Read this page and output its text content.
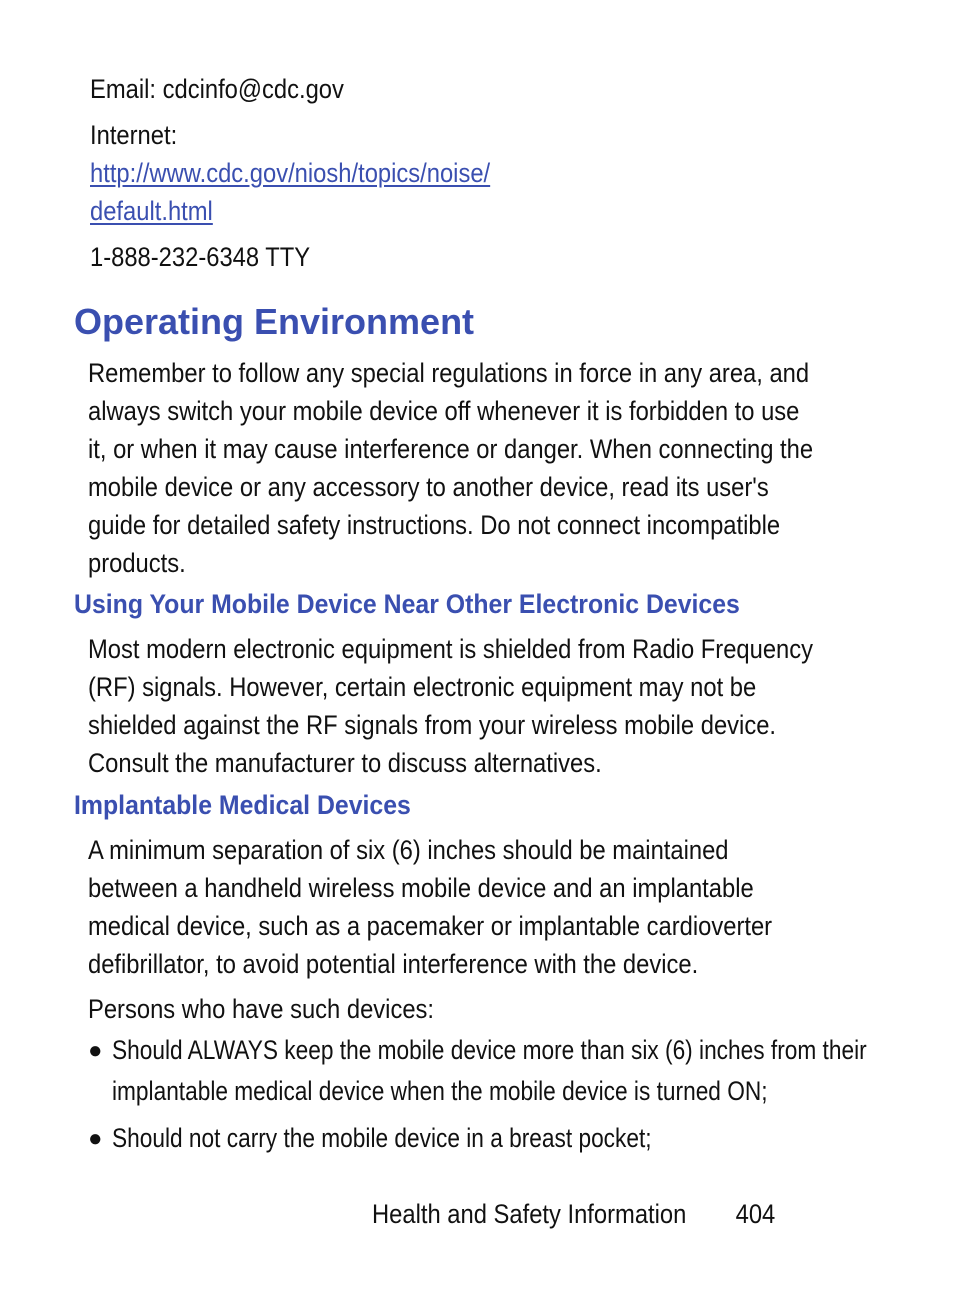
Email: cdcinfo@cdc.gov
Internet:
http://www.cdc.gov/niosh/topics/noise/
default.html
1-888-232-6348 TTY
Operating Environment
Remember to follow any special regulations in force in any area, and
always switch your mobile device off whenever it is forbidden to use
it, or when it may cause interference or danger. When connecting the
mobile device or any accessory to another device, read its user's
guide for detailed safety instructions. Do not connect incompatible
products.
Using Your Mobile Device Near Other Electronic Devices
Most modern electronic equipment is shielded from Radio Frequency
(RF) signals. However, certain electronic equipment may not be
shielded against the RF signals from your wireless mobile device.
Consult the manufacturer to discuss alternatives.
Implantable Medical Devices
A minimum separation of six (6) inches should be maintained
between a handheld wireless mobile device and an implantable
medical device, such as a pacemaker or implantable cardioverter
defibrillator, to avoid potential interference with the device.
Persons who have such devices:
● Should ALWAYS keep the mobile device more than six (6) inches from their
implantable medical device when the mobile device is turned ON;
● Should not carry the mobile device in a breast pocket;
Health and Safety Information 404
